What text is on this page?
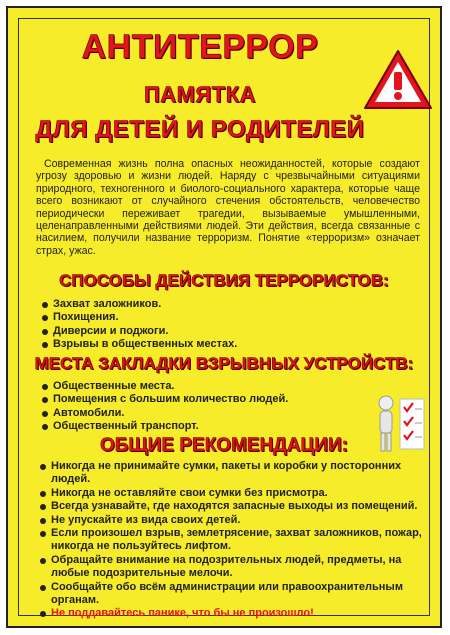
АНТИТЕРРОР
ПАМЯТКА
ДЛЯ ДЕТЕЙ И РОДИТЕЛЕЙ
Современная жизнь полна опасных неожиданностей, которые создают угрозу здоровью и жизни людей. Наряду с чрезвычайными ситуациями природного, техногенного и биолого-социального характера, которые чаще всего возникают от случайного стечения обстоятельств, человечество периодически переживает трагедии, вызываемые умышленными, целенаправленными действиями людей. Эти действия, всегда связанные с насилием, получили название терроризм. Понятие «терроризм» означает страх, ужас.
СПОСОБЫ ДЕЙСТВИЯ ТЕРРОРИСТОВ:
Захват заложников.
Похищения.
Диверсии и поджоги.
Взрывы в общественных местах.
МЕСТА ЗАКЛАДКИ ВЗРЫВНЫХ УСТРОЙСТВ:
Общественные места.
Помещения с большим количество людей.
Автомобили.
Общественный транспорт.
ОБЩИЕ РЕКОМЕНДАЦИИ:
Никогда не принимайте сумки, пакеты и коробки у посторонних людей.
Никогда не оставляйте свои сумки без присмотра.
Всегда узнавайте, где находятся запасные выходы из помещений.
Не упускайте из вида своих детей.
Если произошел взрыв, землетрясение, захват заложников, пожар, никогда не пользуйтесь лифтом.
Обращайте внимание на подозрительных людей, предметы, на любые подозрительные мелочи.
Сообщайте обо всём администрации или правоохранительным органам.
Не поддавайтесь панике, что бы не произошло!
